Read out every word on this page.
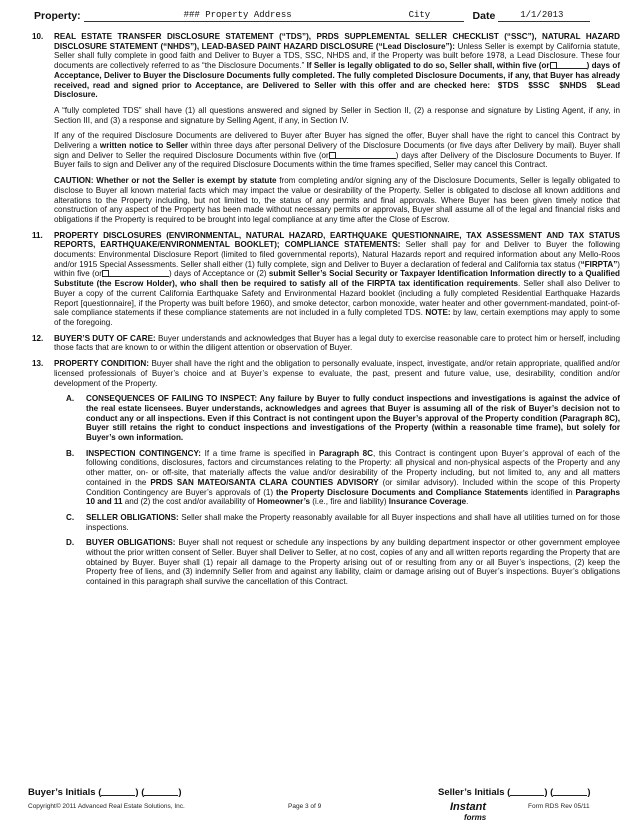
Property:	### Property Address	City	Date	1/1/2013
10. REAL ESTATE TRANSFER DISCLOSURE STATEMENT (“TDS”), PRDS SUPPLEMENTAL SELLER CHECKLIST (“SSC”), NATURAL HAZARD DISCLOSURE STATEMENT (“NHDS”), LEAD-BASED PAINT HAZARD DISCLOSURE (“Lead Disclosure”): Unless Seller is exempt by California statute, Seller shall fully complete in good faith and Deliver to Buyer a TDS, SSC, NHDS and, if the Property was built before 1978, a Lead Disclosure. These four documents are collectively referred to as “the Disclosure Documents.” If Seller is legally obligated to do so, Seller shall, within five (or	) days of Acceptance, Deliver to Buyer the Disclosure Documents fully completed. The fully completed Disclosure Documents, if any, that Buyer has already received, read and signed prior to Acceptance, are Delivered to Seller with this offer and are checked here: $TDS $SSC $NHDS $Lead Disclosure.
A “fully completed TDS” shall have (1) all questions answered and signed by Seller in Section II, (2) a response and signature by Listing Agent, if any, in Section III, and (3) a response and signature by Selling Agent, if any, in Section IV.
If any of the required Disclosure Documents are delivered to Buyer after Buyer has signed the offer, Buyer shall have the right to cancel this Contract by Delivering a written notice to Seller within three days after personal Delivery of the Disclosure Documents (or five days after Delivery by mail). Buyer shall sign and Deliver to Seller the required Disclosure Documents within five (or	) days after Delivery of the Disclosure Documents to Buyer. If Buyer fails to sign and Deliver any of the required Disclosure Documents within the time frames specified, Seller may cancel this Contract.
CAUTION: Whether or not the Seller is exempt by statute from completing and/or signing any of the Disclosure Documents, Seller is legally obligated to disclose to Buyer all known material facts which may impact the value or desirability of the Property. Seller is obligated to disclose all known additions and alterations to the Property including, but not limited to, the status of any permits and final approvals. Where Buyer has been given timely notice that construction of any aspect of the Property has been made without necessary permits or approvals, Buyer shall assume all of the legal and financial risks and obligations if the Property is required to be brought into legal compliance at any time after the Close of Escrow.
11. PROPERTY DISCLOSURES (ENVIRONMENTAL, NATURAL HAZARD, EARTHQUAKE QUESTIONNAIRE, TAX ASSESSMENT AND TAX STATUS REPORTS, EARTHQUAKE/ENVIRONMENTAL BOOKLET); COMPLIANCE STATEMENTS: Seller shall pay for and Deliver to Buyer the following documents: Environmental Disclosure Report (limited to filed governmental reports), Natural Hazards report and required information about any Mello-Roos and/or 1915 Special Assessments. Seller shall either (1) fully complete, sign and Deliver to Buyer a declaration of federal and California tax status (“FIRPTA”) within five (or	) days of Acceptance or (2) submit Seller’s Social Security or Taxpayer Identification Information directly to a Qualified Substitute (the Escrow Holder), who shall then be required to satisfy all of the FIRPTA tax identification requirements. Seller shall also Deliver to Buyer a copy of the current California Earthquake Safety and Environmental Hazard booklet (including a fully completed Residential Earthquake Hazards Report [questionnaire], if the Property was built before 1960), and smoke detector, carbon monoxide, water heater and other government-mandated, point-of-sale compliance statements if these compliance statements are not included in a fully completed TDS. NOTE: by law, certain exemptions may apply to some of the foregoing.
12. BUYER’S DUTY OF CARE: Buyer understands and acknowledges that Buyer has a legal duty to exercise reasonable care to protect him or herself, including those facts that are known to or within the diligent attention or observation of Buyer.
13. PROPERTY CONDITION: Buyer shall have the right and the obligation to personally evaluate, inspect, investigate, and/or retain appropriate, qualified and/or licensed professionals of Buyer’s choice and at Buyer’s expense to evaluate, the past, present and future value, use, desirability, condition and/or development of the Property.
A. CONSEQUENCES OF FAILING TO INSPECT: Any failure by Buyer to fully conduct inspections and investigations is against the advice of the real estate licensees. Buyer understands, acknowledges and agrees that Buyer is assuming all of the risk of Buyer’s decision not to conduct any or all inspections. Even if this Contract is not contingent upon the Buyer’s approval of the Property condition (Paragraph 8C), Buyer still retains the right to conduct inspections and investigations of the Property (within a reasonable time frame), but solely for Buyer’s own information.
B. INSPECTION CONTINGENCY: If a time frame is specified in Paragraph 8C, this Contract is contingent upon Buyer’s approval of each of the following conditions, disclosures, factors and circumstances relating to the Property: all physical and non-physical aspects of the Property and any other matter, on- or off-site, that materially affects the value and/or desirability of the Property including, but not limited to, any and all matters contained in the PRDS SAN MATEO/SANTA CLARA COUNTIES ADVISORY (or similar advisory). Included within the scope of this Property Condition Contingency are Buyer’s approvals of (1) the Property Disclosure Documents and Compliance Statements identified in Paragraphs 10 and 11 and (2) the cost and/or availability of Homeowner’s (i.e., fire and liability) Insurance Coverage.
C. SELLER OBLIGATIONS: Seller shall make the Property reasonably available for all Buyer inspections and shall have all utilities turned on for those inspections.
D. BUYER OBLIGATIONS: Buyer shall not request or schedule any inspections by any building department inspector or other government employee without the prior written consent of Seller. Buyer shall Deliver to Seller, at no cost, copies of any and all written reports regarding the Property that are obtained by Buyer. Buyer shall (1) repair all damage to the Property arising out of or resulting from any or all Buyer’s inspections, (2) keep the Property free of liens, and (3) indemnify Seller from and against any liability, claim or damage arising out of Buyer’s inspections. Buyer’s obligations contained in this paragraph shall survive the cancellation of this Contract.
Buyer’s Initials (	) (	)	Seller’s Initials (	) (	)
Copyright© 2011 Advanced Real Estate Solutions, Inc.	Page 3 of 9	Form RDS Rev 05/11
Instant
forms
